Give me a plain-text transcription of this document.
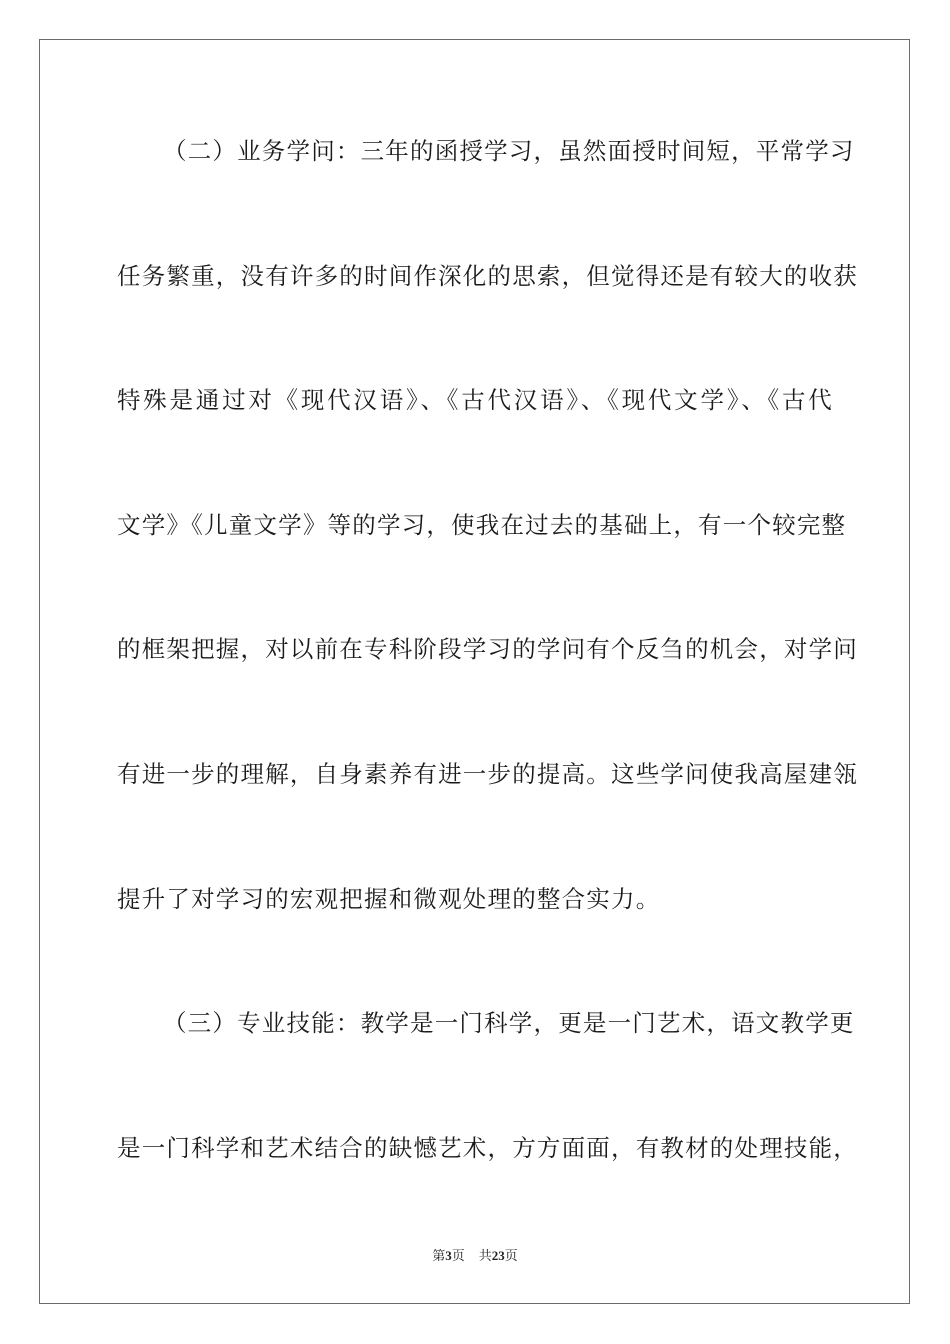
（二）业务学问：三年的函授学习，虽然面授时间短，平常学习
任务繁重，没有许多的时间作深化的思索，但觉得还是有较大的收获
特殊是通过对《现代汉语》、《古代汉语》、《现代文学》、《古代
文学》《儿童文学》等的学习，使我在过去的基础上，有一个较完整
的框架把握，对以前在专科阶段学习的学问有个反刍的机会，对学问
有进一步的理解，自身素养有进一步的提高。这些学问使我高屋建瓴
提升了对学习的宏观把握和微观处理的整合实力。
（三）专业技能：教学是一门科学，更是一门艺术，语文教学更
是一门科学和艺术结合的缺憾艺术，方方面面，有教材的处理技能，
第3页 共23页
